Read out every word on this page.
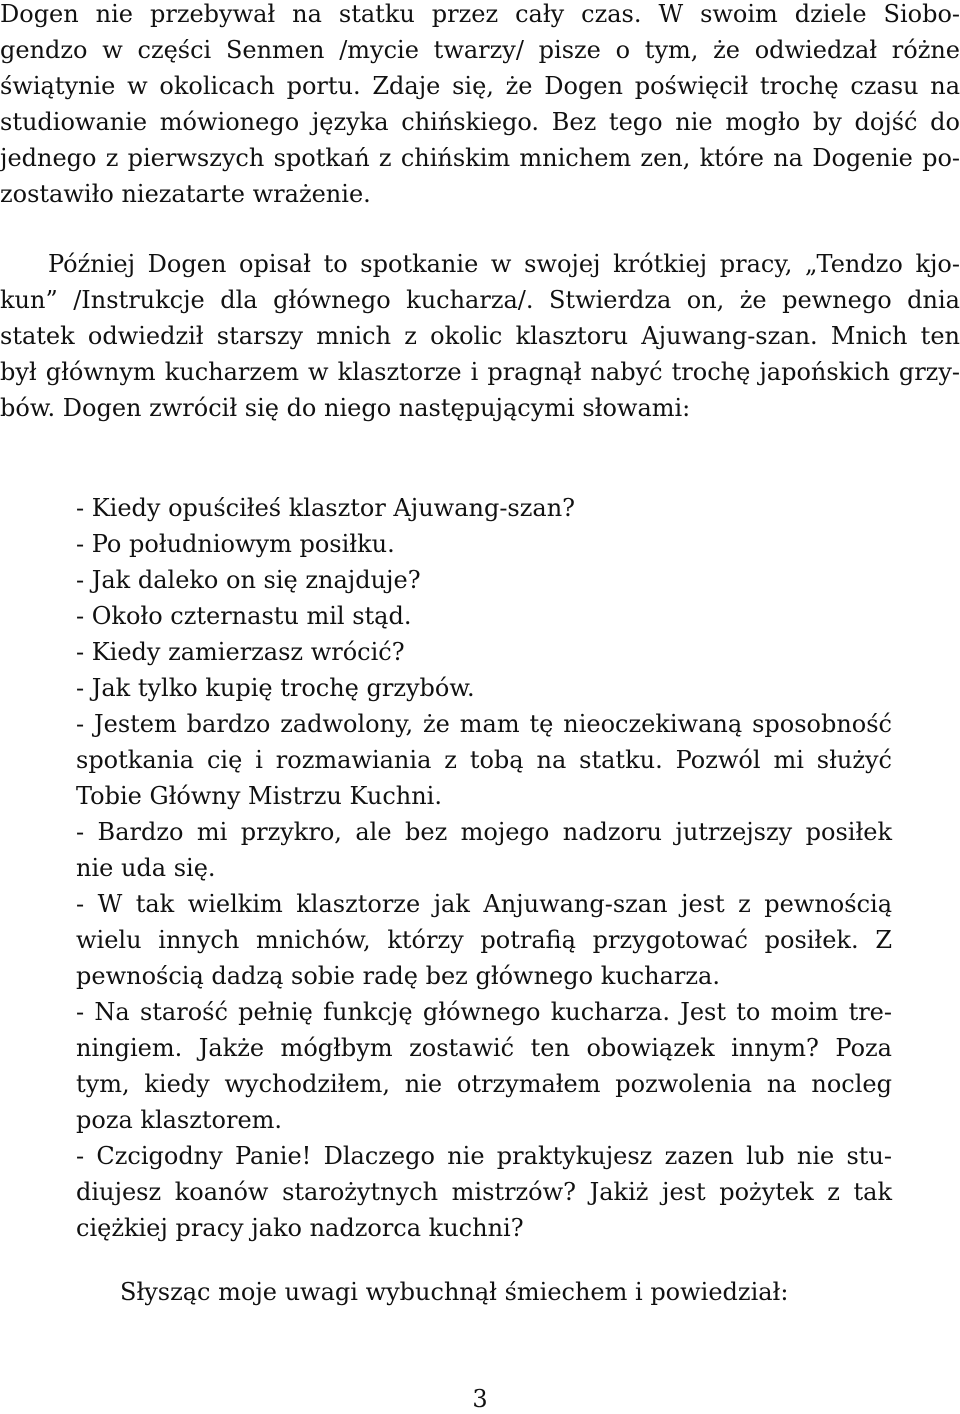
Dogen nie przebywał na statku przez cały czas. W swoim dziele Siobo-
gendzo w części Senmen /mycie twarzy/ pisze o tym, że odwiedzał różne
świątynie w okolicach portu. Zdaje się, że Dogen poświęcił trochę czasu na
studiowanie mówionego języka chińskiego. Bez tego nie mogło by dojść do
jednego z pierwszych spotkań z chińskim mnichem zen, które na Dogenie po-
zostawiło niezatarte wrażenie.
Później Dogen opisał to spotkanie w swojej krótkiej pracy, „Tendzo kjo-
kun” /Instrukcje dla głównego kucharza/. Stwierdza on, że pewnego dnia
statek odwiedził starszy mnich z okolic klasztoru Ajuwang-szan. Mnich ten
był głównym kucharzem w klasztorze i pragnął nabyć trochę japońskich grzy-
bów. Dogen zwrócił się do niego następującymi słowami:
- Kiedy opuściłeś klasztor Ajuwang-szan?
- Po południowym posiłku.
- Jak daleko on się znajduje?
- Około czternastu mil stąd.
- Kiedy zamierzasz wrócić?
- Jak tylko kupię trochę grzybów.
- Jestem bardzo zadwolony, że mam tę nieoczekiwaną sposobność
spotkania cię i rozmawiania z tobą na statku. Pozwól mi służyć
Tobie Główny Mistrzu Kuchni.
- Bardzo mi przykro, ale bez mojego nadzoru jutrzejszy posiłek
nie uda się.
- W tak wielkim klasztorze jak Anjuwang-szan jest z pewnością
wielu innych mnichów, którzy potrafią przygotować posiłek. Z
pewnością dadzą sobie radę bez głównego kucharza.
- Na starość pełnię funkcję głównego kucharza. Jest to moim tre-
ningiem. Jakże mógłbym zostawić ten obowiązek innym? Poza
tym, kiedy wychodziłem, nie otrzymałem pozwolenia na nocleg
poza klasztorem.
- Czcigodny Panie! Dlaczego nie praktykujesz zazen lub nie stu-
diujesz koanów starożytnych mistrzów? Jakiż jest pożytek z tak
ciężkiej pracy jako nadzorca kuchni?
Słysząc moje uwagi wybuchnął śmiechem i powiedział:
3
